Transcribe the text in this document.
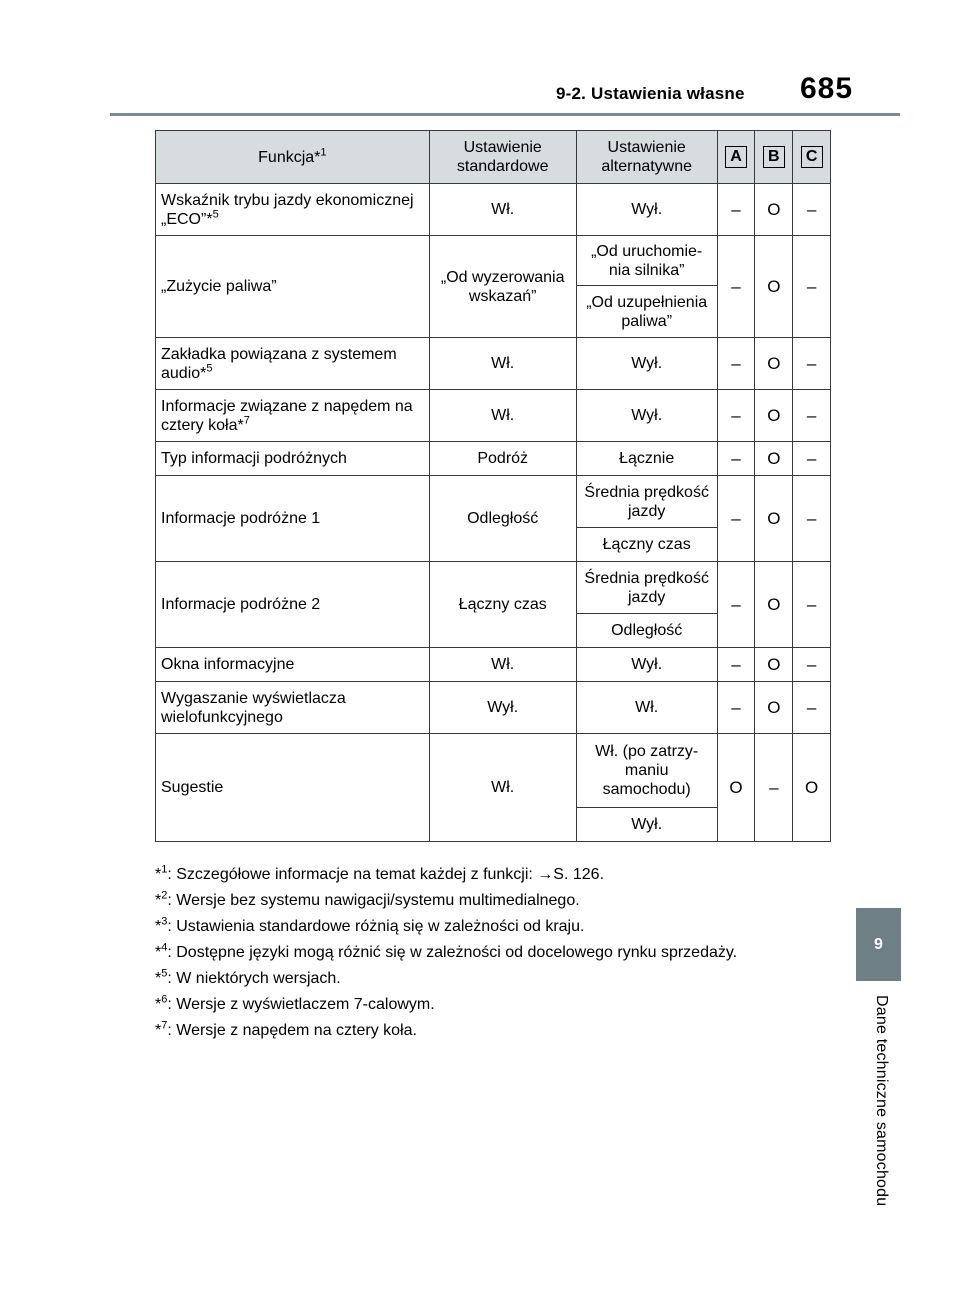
9-2. Ustawienia własne 685
9
Dane techniczne samochodu
Funkcja*$^1$	Ustawienie standardowe	Ustawienie alternatywne	A	B	C
Wskaźnik trybu jazdy ekonomicznej „ECO”*$^5$	Wł.	Wył.	–	O	–
„Zużycie paliwa”	„Od wyzerowania wskazań”	„Od uruchomie-nia silnika”	–	O	–
		„Od uzupełnienia paliwa”			
Zakładka powiązana z systemem audio*$^5$	Wł.	Wył.	–	O	–
Informacje związane z napędem na cztery koła*$^7$	Wł.	Wył.	–	O	–
Typ informacji podróżnych	Podróż	Łącznie	–	O	–
Informacje podróżne 1	Odległość	Średnia prędkość jazdy	–	O	–
		Łączny czas			
Informacje podróżne 2	Łączny czas	Średnia prędkość jazdy	–	O	–
		Odległość			
Okna informacyjne	Wł.	Wył.	–	O	–
Wygaszanie wyświetlacza wielofunkcyjnego	Wył.	Wł.	–	O	–
Sugestie	Wł.	Wł. (po zatrzy-maniu samochodu)	O	–	O
		Wył.			
*$^1$: Szczegółowe informacje na temat każdej z funkcji: →S. 126.
*$^2$: Wersje bez systemu nawigacji/systemu multimedialnego.
*$^3$: Ustawienia standardowe różnią się w zależności od kraju.
*$^4$: Dostępne języki mogą różnić się w zależności od docelowego rynku sprzedaży.
*$^5$: W niektórych wersjach.
*$^6$: Wersje z wyświetlaczem 7-calowym.
*$^7$: Wersje z napędem na cztery koła.
